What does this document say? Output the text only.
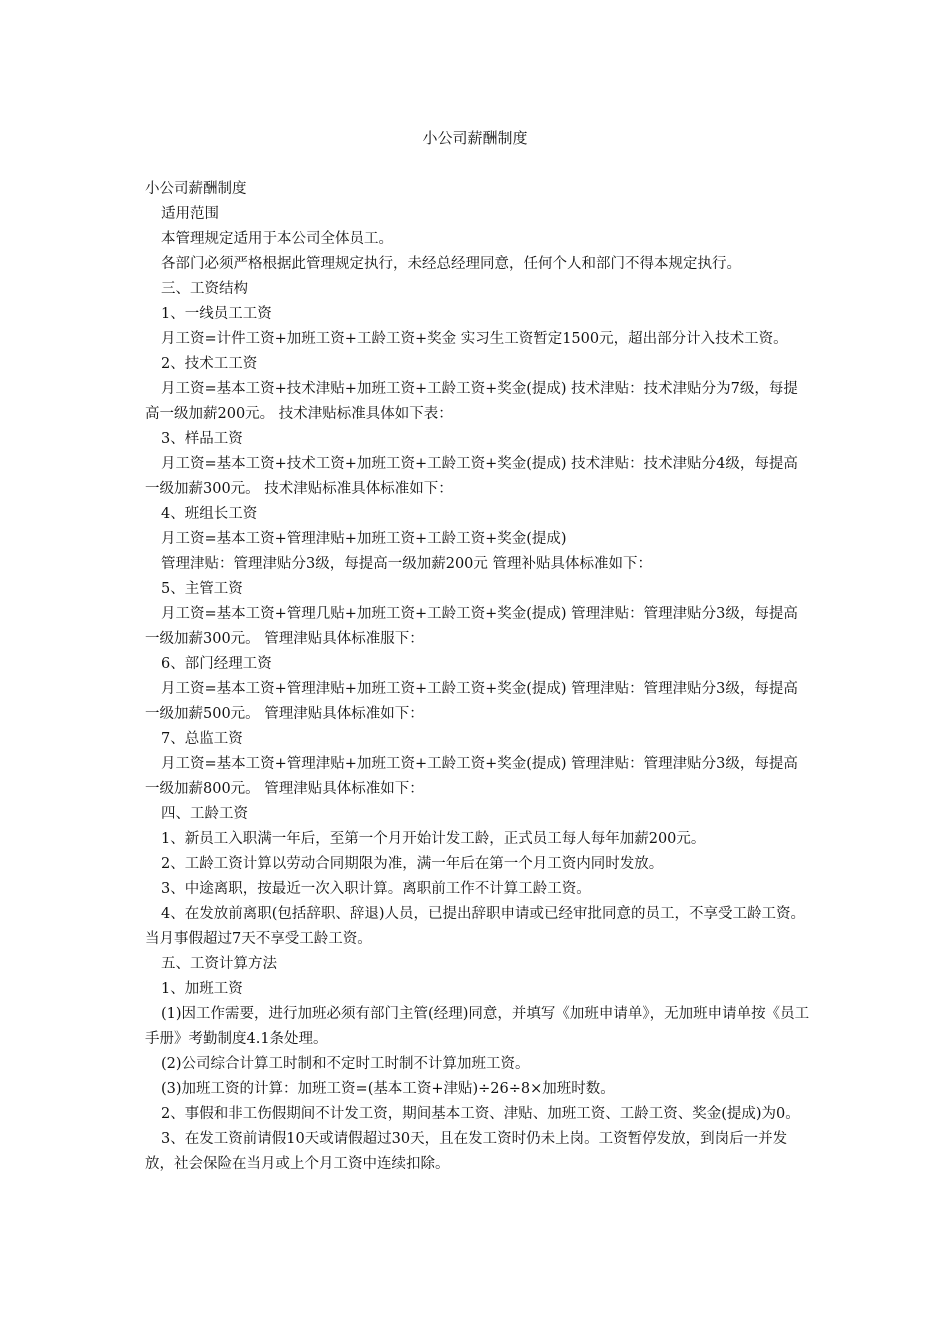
小公司薪酬制度

小公司薪酬制度

适用范围

本管理规定适用于本公司全体员工。

各部门必须严格根据此管理规定执行，未经总经理同意，任何个人和部门不得本规定执行。

三、工资结构

1、一线员工工资

月工资=计件工资+加班工资+工龄工资+奖金 实习生工资暂定1500元，超出部分计入技术工资。

2、技术工工资

月工资=基本工资+技术津贴+加班工资+工龄工资+奖金(提成) 技术津贴：技术津贴分为7级，每提高一级加薪200元。 技术津贴标准具体如下表：

3、样品工资

月工资=基本工资+技术工资+加班工资+工龄工资+奖金(提成) 技术津贴：技术津贴分4级，每提高一级加薪300元。 技术津贴标准具体标准如下：

4、班组长工资

月工资=基本工资+管理津贴+加班工资+工龄工资+奖金(提成)

管理津贴：管理津贴分3级，每提高一级加薪200元 管理补贴具体标准如下：

5、主管工资

月工资=基本工资+管理几贴+加班工资+工龄工资+奖金(提成) 管理津贴：管理津贴分3级，每提高一级加薪300元。 管理津贴具体标准服下：

6、部门经理工资

月工资=基本工资+管理津贴+加班工资+工龄工资+奖金(提成) 管理津贴：管理津贴分3级，每提高一级加薪500元。 管理津贴具体标准如下：

7、总监工资

月工资=基本工资+管理津贴+加班工资+工龄工资+奖金(提成) 管理津贴：管理津贴分3级，每提高一级加薪800元。 管理津贴具体标准如下：

四、工龄工资

1、新员工入职满一年后，至第一个月开始计发工龄，正式员工每人每年加薪200元。

2、工龄工资计算以劳动合同期限为准，满一年后在第一个月工资内同时发放。

3、中途离职，按最近一次入职计算。离职前工作不计算工龄工资。

4、在发放前离职(包括辞职、辞退)人员，已提出辞职申请或已经审批同意的员工，不享受工龄工资。当月事假超过7天不享受工龄工资。

五、工资计算方法

1、加班工资

(1)因工作需要，进行加班必须有部门主管(经理)同意，并填写《加班申请单》，无加班申请单按《员工手册》考勤制度4.1条处理。

(2)公司综合计算工时制和不定时工时制不计算加班工资。

(3)加班工资的计算：加班工资=(基本工资+津贴)÷26÷8×加班时数。

2、事假和非工伤假期间不计发工资，期间基本工资、津贴、加班工资、工龄工资、奖金(提成)为0。

3、在发工资前请假10天或请假超过30天，且在发工资时仍未上岗。工资暂停发放，到岗后一并发放，社会保险在当月或上个月工资中连续扣除。
